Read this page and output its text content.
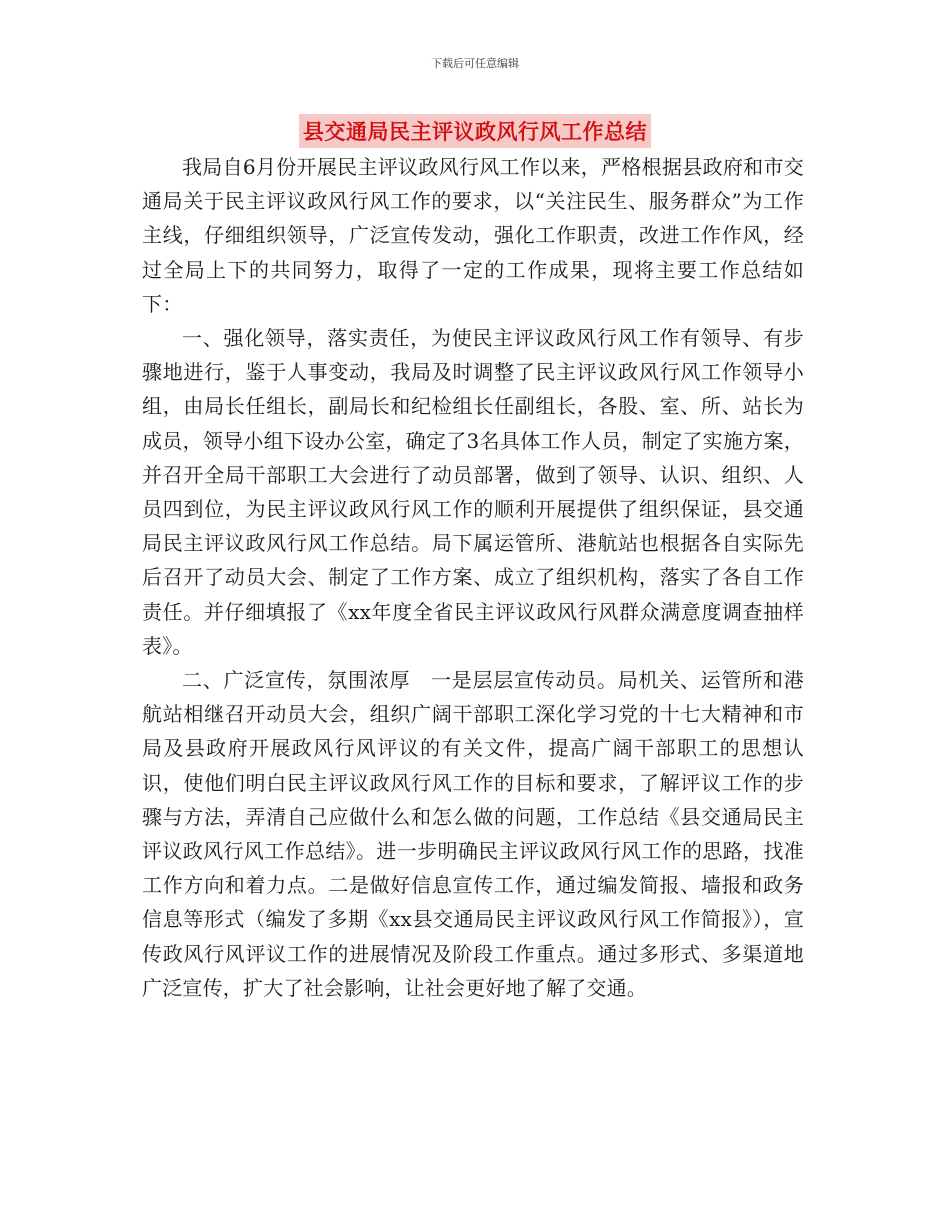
下载后可任意编辑
县交通局民主评议政风行风工作总结

我局自6月份开展民主评议政风行风工作以来，严格根据县政府和市交通局关于民主评议政风行风工作的要求，以“关注民生、服务群众”为工作主线，仔细组织领导，广泛宣传发动，强化工作职责，改进工作作风，经过全局上下的共同努力，取得了一定的工作成果，现将主要工作总结如下：

一、强化领导，落实责任，为使民主评议政风行风工作有领导、有步骤地进行，鉴于人事变动，我局及时调整了民主评议政风行风工作领导小组，由局长任组长，副局长和纪检组长任副组长，各股、室、所、站长为成员，领导小组下设办公室，确定了3名具体工作人员，制定了实施方案，并召开全局干部职工大会进行了动员部署，做到了领导、认识、组织、人员四到位，为民主评议政风行风工作的顺利开展提供了组织保证，县交通局民主评议政风行风工作总结。局下属运管所、港航站也根据各自实际先后召开了动员大会、制定了工作方案、成立了组织机构，落实了各自工作责任。并仔细填报了《xx年度全省民主评议政风行风群众满意度调查抽样表》。

二、广泛宣传，氛围浓厚　一是层层宣传动员。局机关、运管所和港航站相继召开动员大会，组织广阔干部职工深化学习党的十七大精神和市局及县政府开展政风行风评议的有关文件，提高广阔干部职工的思想认识，使他们明白民主评议政风行风工作的目标和要求，了解评议工作的步骤与方法，弄清自己应做什么和怎么做的问题，工作总结《县交通局民主评议政风行风工作总结》。进一步明确民主评议政风行风工作的思路，找准工作方向和着力点。二是做好信息宣传工作，通过编发简报、墙报和政务信息等形式（编发了多期《xx县交通局民主评议政风行风工作简报》），宣传政风行风评议工作的进展情况及阶段工作重点。通过多形式、多渠道地广泛宣传，扩大了社会影响，让社会更好地了解了交通。
